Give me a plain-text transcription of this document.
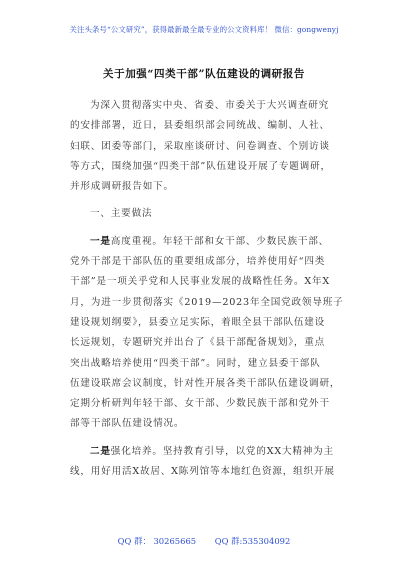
关注头条号“公文研究”，获得最新最全最专业的公文资料库！ 微信：gongwenyj
关于加强“四类干部”队伍建设的调研报告
为深入贯彻落实中央、省委、市委关于大兴调查研究
的安排部署，近日，县委组织部会同统战、编制、人社、
妇联、团委等部门，采取座谈研讨、问卷调查、个别访谈
等方式，围绕加强“四类干部”队伍建设开展了专题调研，
并形成调研报告如下。
一、主要做法
一是高度重视。年轻干部和女干部、少数民族干部、
党外干部是干部队伍的重要组成部分，培养使用好“四类
干部”是一项关乎党和人民事业发展的战略性任务。X年X
月，为进一步贯彻落实《2019—2023年全国党政领导班子
建设规划纲要》，县委立足实际，着眼全县干部队伍建设
长远规划，专题研究并出台了《县干部配备规划》，重点
突出战略培养使用“四类干部”。同时，建立县委干部队
伍建设联席会议制度，针对性开展各类干部队伍建设调研，
定期分析研判年轻干部、女干部、少数民族干部和党外干
部等干部队伍建设情况。
二是强化培养。坚持教育引导，以党的XX大精神为主
线，用好用活X故居、X陈列馆等本地红色资源，组织开展
QQ 群： 30265665 QQ 群:535304092
